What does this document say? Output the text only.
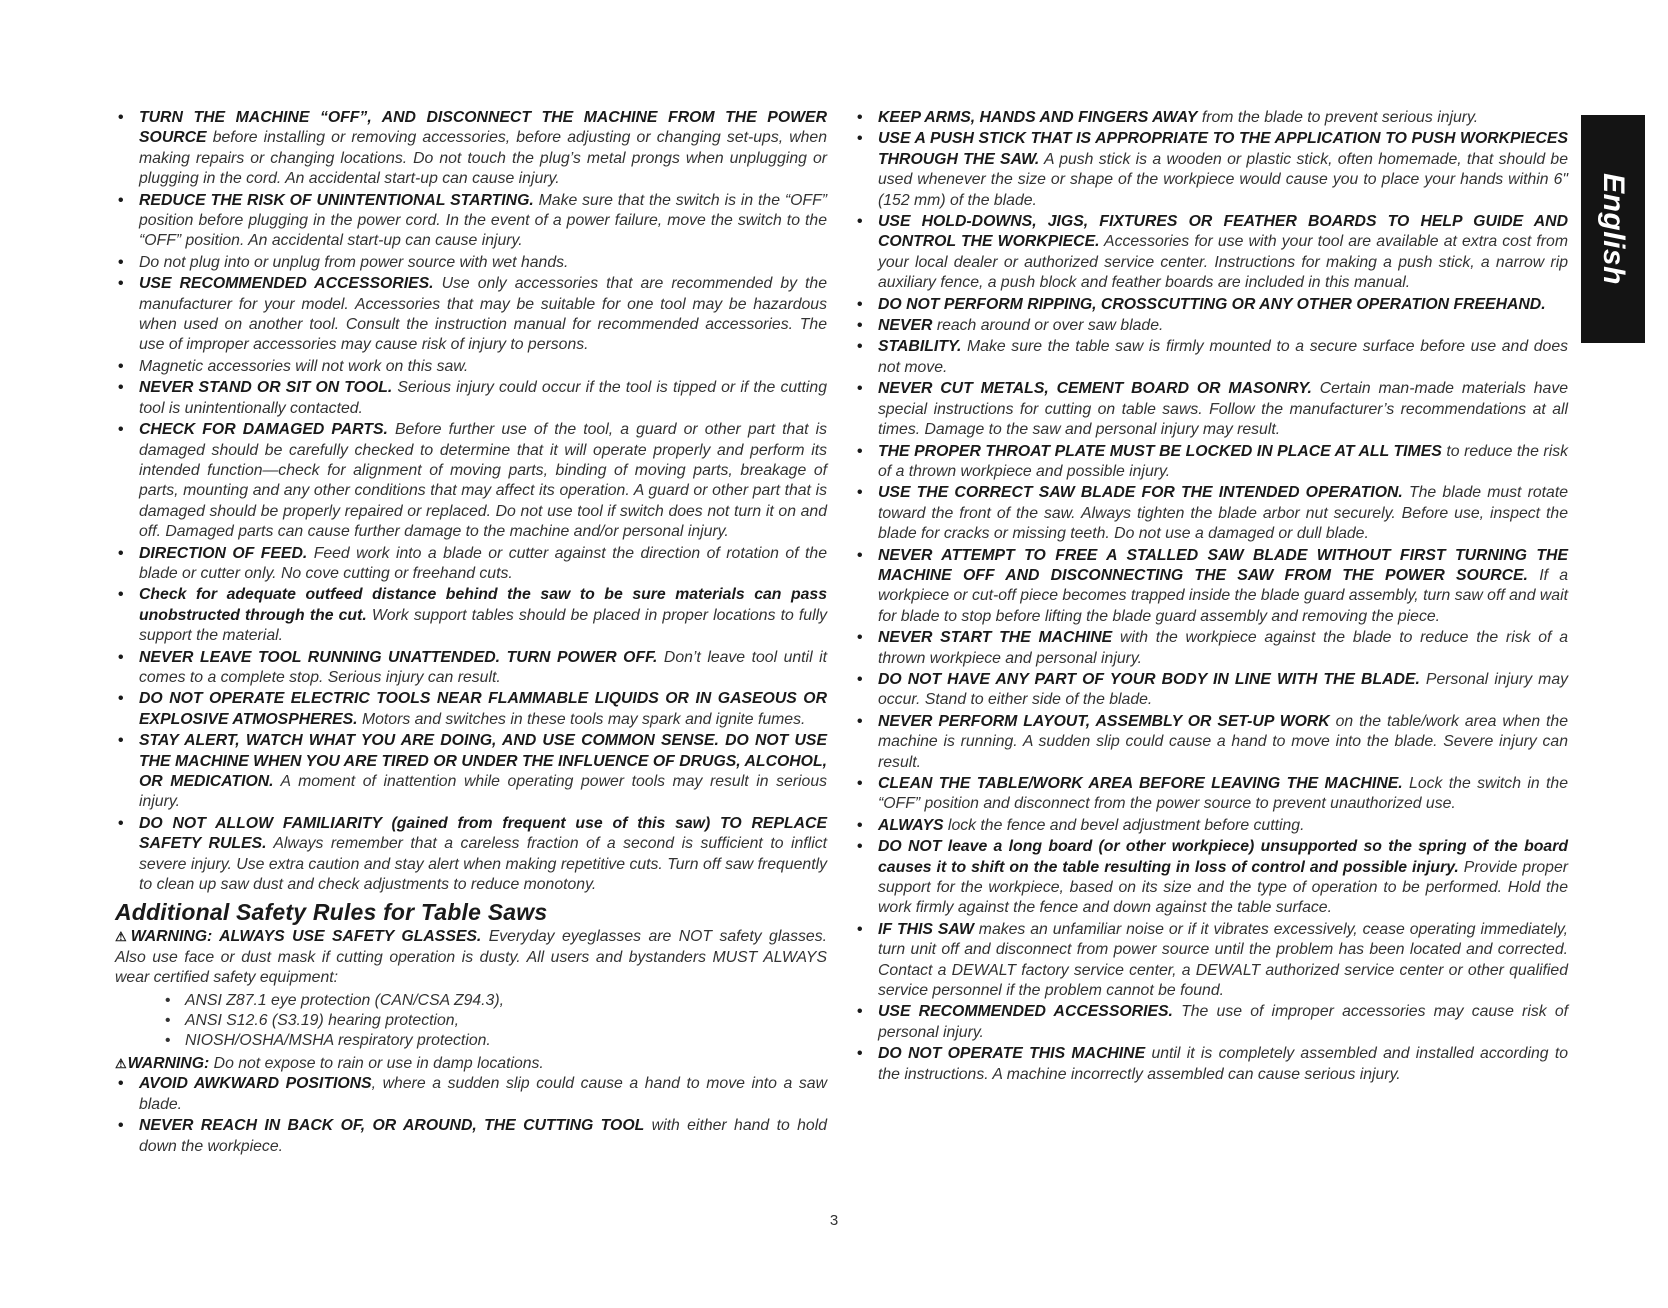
• TURN THE MACHINE “OFF”, AND DISCONNECT THE MACHINE FROM THE POWER SOURCE before installing or removing accessories, before adjusting or changing set-ups, when making repairs or changing locations. Do not touch the plug’s metal prongs when unplugging or plugging in the cord. An accidental start-up can cause injury.
• REDUCE THE RISK OF UNINTENTIONAL STARTING. Make sure that the switch is in the “OFF” position before plugging in the power cord. In the event of a power failure, move the switch to the “OFF” position. An accidental start-up can cause injury.
• Do not plug into or unplug from power source with wet hands.
• USE RECOMMENDED ACCESSORIES. Use only accessories that are recommended by the manufacturer for your model. Accessories that may be suitable for one tool may be hazardous when used on another tool. Consult the instruction manual for recommended accessories. The use of improper accessories may cause risk of injury to persons.
• Magnetic accessories will not work on this saw.
• NEVER STAND OR SIT ON TOOL. Serious injury could occur if the tool is tipped or if the cutting tool is unintentionally contacted.
• CHECK FOR DAMAGED PARTS. Before further use of the tool, a guard or other part that is damaged should be carefully checked to determine that it will operate properly and perform its intended function—check for alignment of moving parts, binding of moving parts, breakage of parts, mounting and any other conditions that may affect its operation. A guard or other part that is damaged should be properly repaired or replaced. Do not use tool if switch does not turn it on and off. Damaged parts can cause further damage to the machine and/or personal injury.
• DIRECTION OF FEED. Feed work into a blade or cutter against the direction of rotation of the blade or cutter only. No cove cutting or freehand cuts.
• Check for adequate outfeed distance behind the saw to be sure materials can pass unobstructed through the cut. Work support tables should be placed in proper locations to fully support the material.
• NEVER LEAVE TOOL RUNNING UNATTENDED. TURN POWER OFF. Don’t leave tool until it comes to a complete stop. Serious injury can result.
• DO NOT OPERATE ELECTRIC TOOLS NEAR FLAMMABLE LIQUIDS OR IN GASEOUS OR EXPLOSIVE ATMOSPHERES. Motors and switches in these tools may spark and ignite fumes.
• STAY ALERT, WATCH WHAT YOU ARE DOING, AND USE COMMON SENSE. DO NOT USE THE MACHINE WHEN YOU ARE TIRED OR UNDER THE INFLUENCE OF DRUGS, ALCOHOL, OR MEDICATION. A moment of inattention while operating power tools may result in serious injury.
• DO NOT ALLOW FAMILIARITY (gained from frequent use of this saw) TO REPLACE SAFETY RULES. Always remember that a careless fraction of a second is sufficient to inflict severe injury. Use extra caution and stay alert when making repetitive cuts. Turn off saw frequently to clean up saw dust and check adjustments to reduce monotony.
Additional Safety Rules for Table Saws

⚠WARNING: ALWAYS USE SAFETY GLASSES. Everyday eyeglasses are NOT safety glasses. Also use face or dust mask if cutting operation is dusty. All users and bystanders MUST ALWAYS wear certified safety equipment:

• ANSI Z87.1 eye protection (CAN/CSA Z94.3),
• ANSI S12.6 (S3.19) hearing protection,
• NIOSH/OSHA/MSHA respiratory protection.

⚠WARNING: Do not expose to rain or use in damp locations.

• AVOID AWKWARD POSITIONS, where a sudden slip could cause a hand to move into a saw blade.
• NEVER REACH IN BACK OF, OR AROUND, THE CUTTING TOOL with either hand to hold down the workpiece.
• KEEP ARMS, HANDS AND FINGERS AWAY from the blade to prevent serious injury.
• USE A PUSH STICK THAT IS APPROPRIATE TO THE APPLICATION TO PUSH WORKPIECES THROUGH THE SAW. A push stick is a wooden or plastic stick, often homemade, that should be used whenever the size or shape of the workpiece would cause you to place your hands within 6" (152 mm) of the blade.
• USE HOLD-DOWNS, JIGS, FIXTURES OR FEATHER BOARDS TO HELP GUIDE AND CONTROL THE WORKPIECE. Accessories for use with your tool are available at extra cost from your local dealer or authorized service center. Instructions for making a push stick, a narrow rip auxiliary fence, a push block and feather boards are included in this manual.
• DO NOT PERFORM RIPPING, CROSSCUTTING OR ANY OTHER OPERATION FREEHAND.
• NEVER reach around or over saw blade.
• STABILITY. Make sure the table saw is firmly mounted to a secure surface before use and does not move.
• NEVER CUT METALS, CEMENT BOARD OR MASONRY. Certain man-made materials have special instructions for cutting on table saws. Follow the manufacturer’s recommendations at all times. Damage to the saw and personal injury may result.
• THE PROPER THROAT PLATE MUST BE LOCKED IN PLACE AT ALL TIMES to reduce the risk of a thrown workpiece and possible injury.
• USE THE CORRECT SAW BLADE FOR THE INTENDED OPERATION. The blade must rotate toward the front of the saw. Always tighten the blade arbor nut securely. Before use, inspect the blade for cracks or missing teeth. Do not use a damaged or dull blade.
• NEVER ATTEMPT TO FREE A STALLED SAW BLADE WITHOUT FIRST TURNING THE MACHINE OFF AND DISCONNECTING THE SAW FROM THE POWER SOURCE. If a workpiece or cut-off piece becomes trapped inside the blade guard assembly, turn saw off and wait for blade to stop before lifting the blade guard assembly and removing the piece.
• NEVER START THE MACHINE with the workpiece against the blade to reduce the risk of a thrown workpiece and personal injury.
• DO NOT HAVE ANY PART OF YOUR BODY IN LINE WITH THE BLADE. Personal injury may occur. Stand to either side of the blade.
• NEVER PERFORM LAYOUT, ASSEMBLY OR SET-UP WORK on the table/work area when the machine is running. A sudden slip could cause a hand to move into the blade. Severe injury can result.
• CLEAN THE TABLE/WORK AREA BEFORE LEAVING THE MACHINE. Lock the switch in the “OFF” position and disconnect from the power source to prevent unauthorized use.
• ALWAYS lock the fence and bevel adjustment before cutting.
• DO NOT leave a long board (or other workpiece) unsupported so the spring of the board causes it to shift on the table resulting in loss of control and possible injury. Provide proper support for the workpiece, based on its size and the type of operation to be performed. Hold the work firmly against the fence and down against the table surface.
• IF THIS SAW makes an unfamiliar noise or if it vibrates excessively, cease operating immediately, turn unit off and disconnect from power source until the problem has been located and corrected. Contact a DEWALT factory service center, a DEWALT authorized service center or other qualified service personnel if the problem cannot be found.
• USE RECOMMENDED ACCESSORIES. The use of improper accessories may cause risk of personal injury.
• DO NOT OPERATE THIS MACHINE until it is completely assembled and installed according to the instructions. A machine incorrectly assembled can cause serious injury.
English
3
